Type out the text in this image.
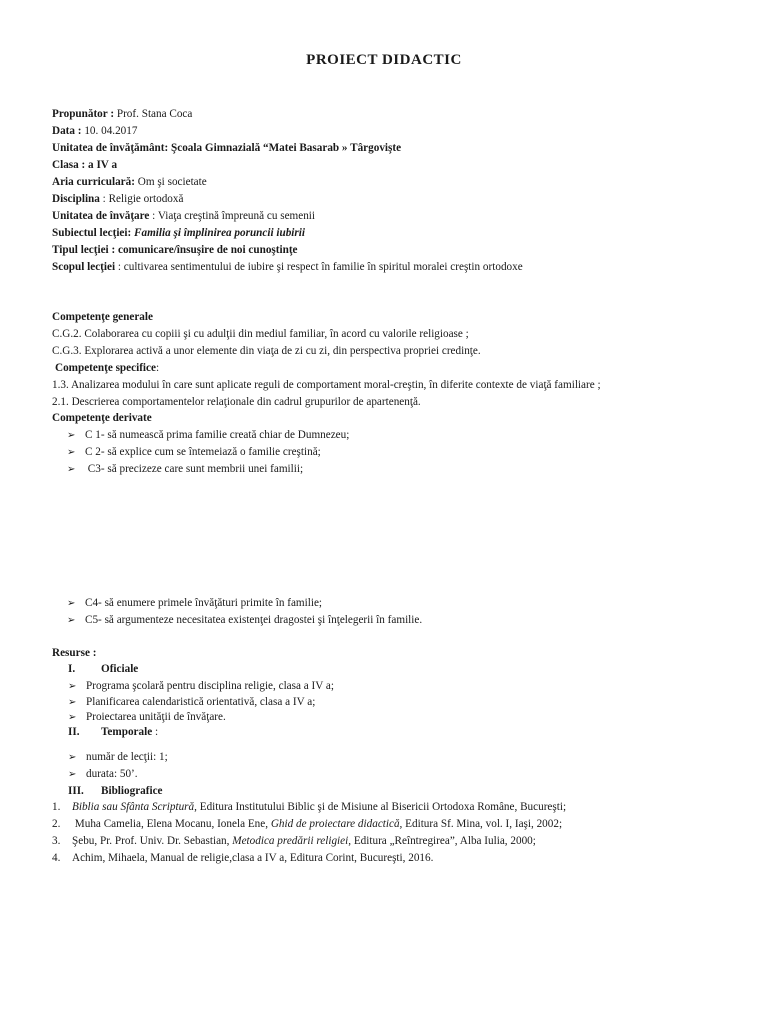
PROIECT DIDACTIC
Propunător : Prof. Stana Coca
Data : 10. 04.2017
Unitatea de învăţământ: Şcoala Gimnazială “Matei Basarab » Târgovişte
Clasa : a IV a
Aria curriculară: Om şi societate
Disciplina : Religie ortodoxă
Unitatea de învăţare : Viaţa creştină împreună cu semenii
Subiectul lecţiei: Familia şi împlinirea poruncii iubirii
Tipul lecţiei : comunicare/însuşire de noi cunoştinţe
Scopul lecţiei : cultivarea sentimentului de iubire şi respect în familie în spiritul moralei creştin ortodoxe
Competenţe generale
C.G.2. Colaborarea cu copiii şi cu adulţii din mediul familiar, în acord cu valorile religioase ;
C.G.3. Explorarea activă a unor elemente din viaţa de zi cu zi, din perspectiva propriei credinţe.
Competenţe specifice:
1.3. Analizarea modului în care sunt aplicate reguli de comportament moral-creştin, în diferite contexte de viaţă familiare ;
2.1. Descrierea comportamentelor relaţionale din cadrul grupurilor de apartenenţă.
Competenţe derivate
➢ C 1- să numească prima familie creată chiar de Dumnezeu;
➢ C 2- să explice cum se întemeiază o familie creştină;
➢ C3- să precizeze care sunt membrii unei familii;
➢ C4- să enumere primele învăţături primite în familie;
➢ C5- să argumenteze necesitatea existenţei dragostei şi înţelegerii în familie.
Resurse :
I. Oficiale
➢ Programa şcolară pentru disciplina religie, clasa a IV a;
➢ Planificarea calendaristică orientativă, clasa a IV a;
➢ Proiectarea unităţii de învăţare.
II. Temporale :
➢ număr de lecţii: 1;
➢ durata: 50’.
III. Bibliografice
1. Biblia sau Sfânta Scriptură, Editura Institutului Biblic şi de Misiune al Bisericii Ortodoxa Române, Bucureşti;
2. Muha Camelia, Elena Mocanu, Ionela Ene, Ghid de proiectare didactică, Editura Sf. Mina, vol. I, Iaşi, 2002;
3. Şebu, Pr. Prof. Univ. Dr. Sebastian, Metodica predării religiei, Editura „Reîntregirea”, Alba Iulia, 2000;
4. Achim, Mihaela, Manual de religie,clasa a IV a, Editura Corint, Bucureşti, 2016.
